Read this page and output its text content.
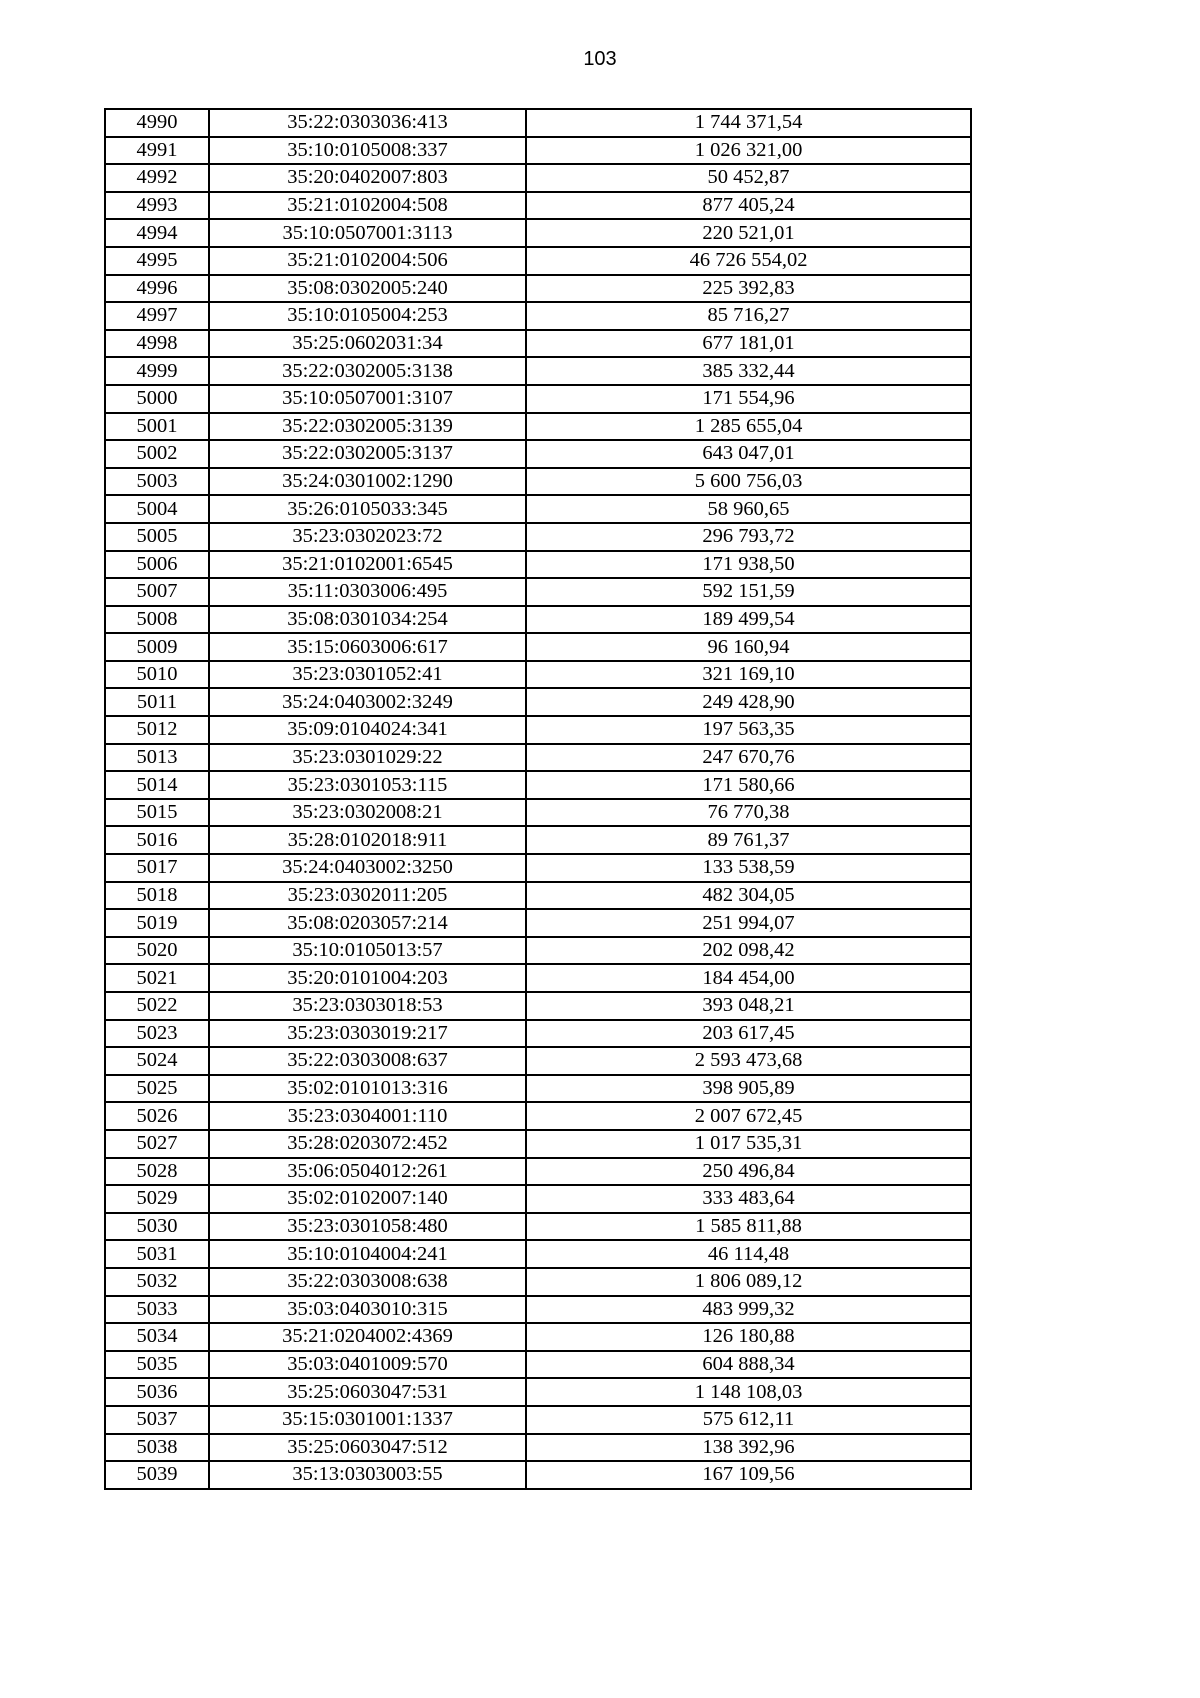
103
4990	35:22:0303036:413	1 744 371,54
4991	35:10:0105008:337	1 026 321,00
4992	35:20:0402007:803	50 452,87
4993	35:21:0102004:508	877 405,24
4994	35:10:0507001:3113	220 521,01
4995	35:21:0102004:506	46 726 554,02
4996	35:08:0302005:240	225 392,83
4997	35:10:0105004:253	85 716,27
4998	35:25:0602031:34	677 181,01
4999	35:22:0302005:3138	385 332,44
5000	35:10:0507001:3107	171 554,96
5001	35:22:0302005:3139	1 285 655,04
5002	35:22:0302005:3137	643 047,01
5003	35:24:0301002:1290	5 600 756,03
5004	35:26:0105033:345	58 960,65
5005	35:23:0302023:72	296 793,72
5006	35:21:0102001:6545	171 938,50
5007	35:11:0303006:495	592 151,59
5008	35:08:0301034:254	189 499,54
5009	35:15:0603006:617	96 160,94
5010	35:23:0301052:41	321 169,10
5011	35:24:0403002:3249	249 428,90
5012	35:09:0104024:341	197 563,35
5013	35:23:0301029:22	247 670,76
5014	35:23:0301053:115	171 580,66
5015	35:23:0302008:21	76 770,38
5016	35:28:0102018:911	89 761,37
5017	35:24:0403002:3250	133 538,59
5018	35:23:0302011:205	482 304,05
5019	35:08:0203057:214	251 994,07
5020	35:10:0105013:57	202 098,42
5021	35:20:0101004:203	184 454,00
5022	35:23:0303018:53	393 048,21
5023	35:23:0303019:217	203 617,45
5024	35:22:0303008:637	2 593 473,68
5025	35:02:0101013:316	398 905,89
5026	35:23:0304001:110	2 007 672,45
5027	35:28:0203072:452	1 017 535,31
5028	35:06:0504012:261	250 496,84
5029	35:02:0102007:140	333 483,64
5030	35:23:0301058:480	1 585 811,88
5031	35:10:0104004:241	46 114,48
5032	35:22:0303008:638	1 806 089,12
5033	35:03:0403010:315	483 999,32
5034	35:21:0204002:4369	126 180,88
5035	35:03:0401009:570	604 888,34
5036	35:25:0603047:531	1 148 108,03
5037	35:15:0301001:1337	575 612,11
5038	35:25:0603047:512	138 392,96
5039	35:13:0303003:55	167 109,56
